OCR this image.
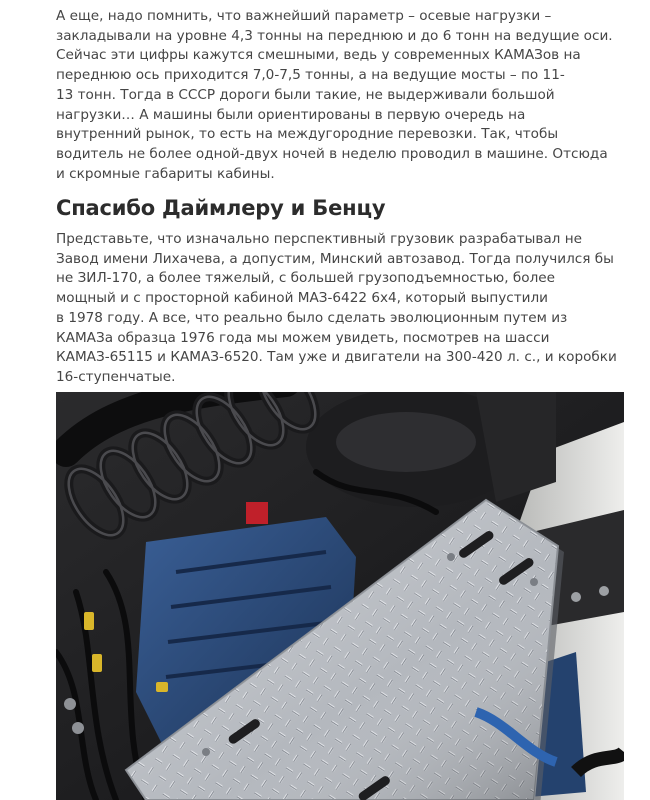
А еще, надо помнить, что важнейший параметр – осевые нагрузки –
закладывали на уровне 4,3 тонны на переднюю и до 6 тонн на ведущие оси.
Сейчас эти цифры кажутся смешными, ведь у современных КАМАЗов на
переднюю ось приходится 7,0-7,5 тонны, а на ведущие мосты – по 11-
13 тонн. Тогда в СССР дороги были такие, не выдерживали большой
нагрузки… А машины были ориентированы в первую очередь на
внутренний рынок, то есть на междугородние перевозки. Так, чтобы
водитель не более одной-двух ночей в неделю проводил в машине. Отсюда
и скромные габариты кабины.

Спасибо Даймлеру и Бенцу

Представьте, что изначально перспективный грузовик разрабатывал не
Завод имени Лихачева, а допустим, Минский автозавод. Тогда получился бы
не ЗИЛ-170, а более тяжелый, с большей грузоподъемностью, более
мощный и с просторной кабиной МАЗ-6422 6х4, который выпустили
в 1978 году. А все, что реально было сделать эволюционным путем из
КАМАЗа образца 1976 года мы можем увидеть, посмотрев на шасси
КАМАЗ-65115 и КАМАЗ-6520. Там уже и двигатели на 300-420 л. с., и коробки
16-ступенчатые.
